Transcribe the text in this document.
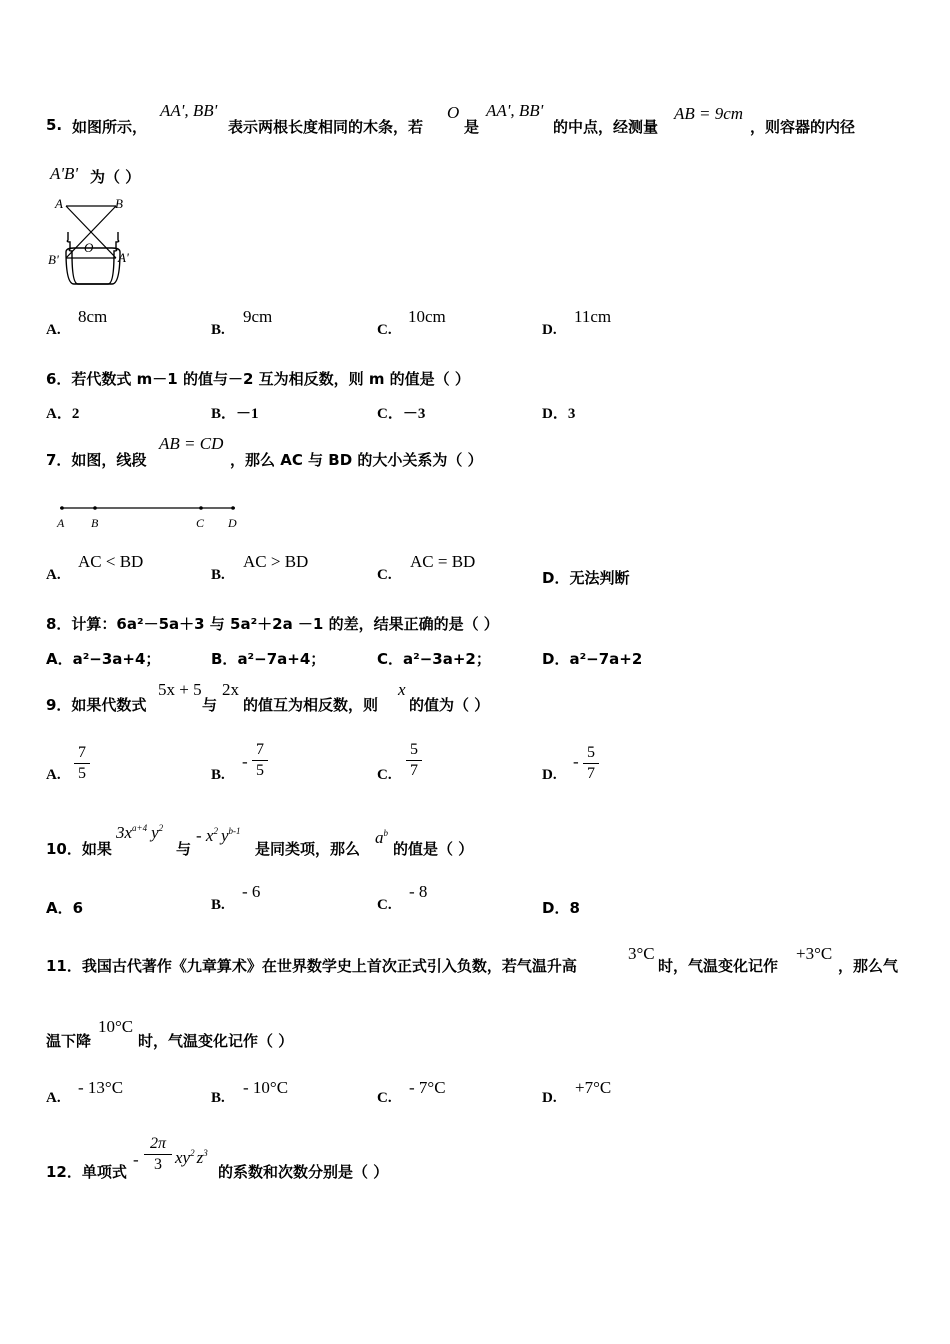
5. 如图所示，
AA', BB'
表示两根长度相同的木条，若
O
是
AA', BB'
的中点，经测量
AB = 9cm
，则容器的内径
A'B' 为（ ）
A	B
O
B'	A'
A.
8cm
B.
9cm
C.
10cm
D.
11cm
6．若代数式 m－1 的值与－2 互为相反数，则 m 的值是（ ）
A．2	B．－1	C．－3	D．3
7．如图，线段
AB = CD
，那么 AC 与 BD 的大小关系为（ ）
A B	C D
A.
AC < BD
B.
AC > BD
C.
AC = BD
D．无法判断
8．计算：6a²－5a＋3 与 5a²＋2a －1 的差，结果正确的是（ ）
A．a²−3a+4；	B．a²−7a+4；	C．a²−3a+2；	D．a²−7a+2
9．如果代数式
5x + 5
与
2x
的值互为相反数，则
x
的值为（ ）
A.
7
5	B.
-
7
5	C.
5
7	D.
- 5
7
10．如果
$3x^{a+4}$ $y^2$
与
- $x^2$ $y^{b-1}$
是同类项，那么
$a^b$
的值是（ ）
A．6	B.
- 6
C.
- 8
D．8
11．我国古代著作《九章算术》在世界数学史上首次正式引入负数，若气温升高
3°C
时，气温变化记作
+3°C
，那么气
温下降
10°C
时，气温变化记作（ ）
A.
- 13°C
B.
- 10°C
C.
- 7°C
D.
+7°C
12．单项式
-
2π
3 $xy^2$ $z^3$
的系数和次数分别是（ ）
